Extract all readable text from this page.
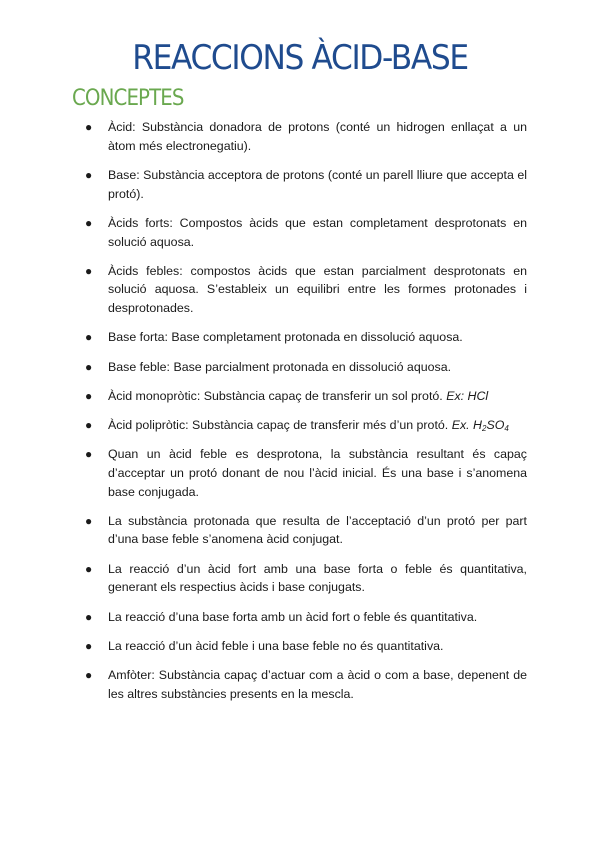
REACCIONS ÀCID-BASE
CONCEPTES
● Àcid: Substància donadora de protons (conté un hidrogen enllaçat a un àtom més electronegatiu).
● Base: Substància acceptora de protons (conté un parell lliure que accepta el protó).
● Àcids forts: Compostos àcids que estan completament desprotonats en solució aquosa.
● Àcids febles: compostos àcids que estan parcialment desprotonats en solució aquosa. S’estableix un equilibri entre les formes protonades i desprotonades.
● Base forta: Base completament protonada en dissolució aquosa.
● Base feble: Base parcialment protonada en dissolució aquosa.
● Àcid monopròtic: Substància capaç de transferir un sol protó. Ex: HCl
● Àcid polipròtic: Substància capaç de transferir més d’un protó. Ex. $H_2SO_4$
● Quan un àcid feble es desprotona, la substància resultant és capaç d’acceptar un protó donant de nou l’àcid inicial. És una base i s’anomena base conjugada.
● La substància protonada que resulta de l’acceptació d’un protó per part d’una base feble s’anomena àcid conjugat.
● La reacció d’un àcid fort amb una base forta o feble és quantitativa, generant els respectius àcids i base conjugats.
● La reacció d’una base forta amb un àcid fort o feble és quantitativa.
● La reacció d’un àcid feble i una base feble no és quantitativa.
● Amfòter: Substància capaç d’actuar com a àcid o com a base, depenent de les altres substàncies presents en la mescla.
